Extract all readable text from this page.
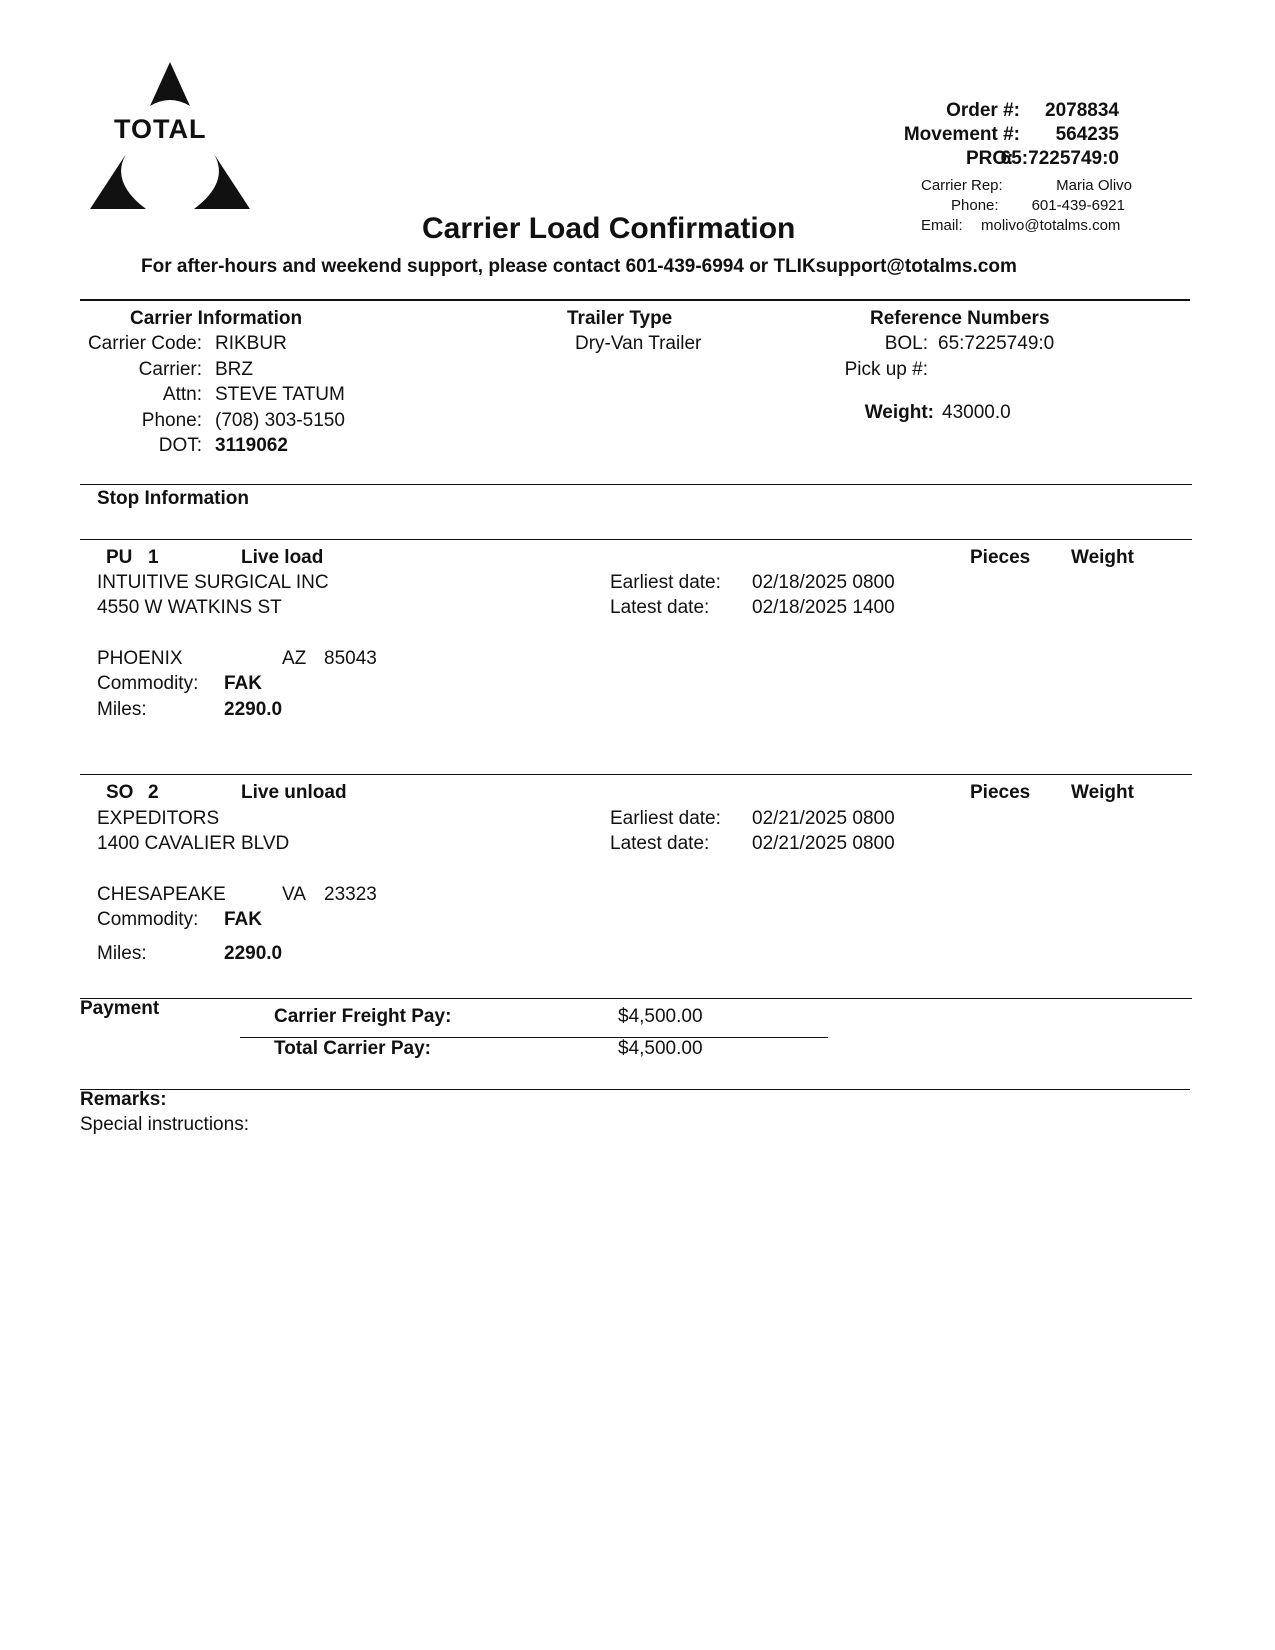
TOTAL
Order #: 2078834
Movement #: 564235
PRO:
65:7225749:0
Carrier Rep:	Maria Olivo
Phone: 601-439-6921
Email: molivo@totalms.com
Carrier Load Confirmation
For after-hours and weekend support, please contact 601-439-6994 or TLIKsupport@totalms.com
Carrier Information
Carrier Code: RIKBUR
Carrier: BRZ
Attn: STEVE TATUM
Phone: (708) 303-5150
DOT: 3119062
Trailer Type
Dry-Van Trailer
Reference Numbers
BOL: 65:7225749:0
Pick up #:
Weight: 43000.0
Stop Information
PU 1	Live load	Pieces Weight
INTUITIVE SURGICAL INC	Earliest date: 02/18/2025 0800
4550 W WATKINS ST	Latest date: 02/18/2025 1400
PHOENIX	AZ 85043
Commodity: FAK
Miles:	2290.0
SO 2	Live unload	Pieces Weight
EXPEDITORS	Earliest date: 02/21/2025 0800
1400 CAVALIER BLVD	Latest date: 02/21/2025 0800
CHESAPEAKE	VA 23323
Commodity: FAK
Miles:	2290.0
Payment	Carrier Freight Pay:	$4,500.00
Total Carrier Pay:	$4,500.00
Remarks:
Special instructions:
